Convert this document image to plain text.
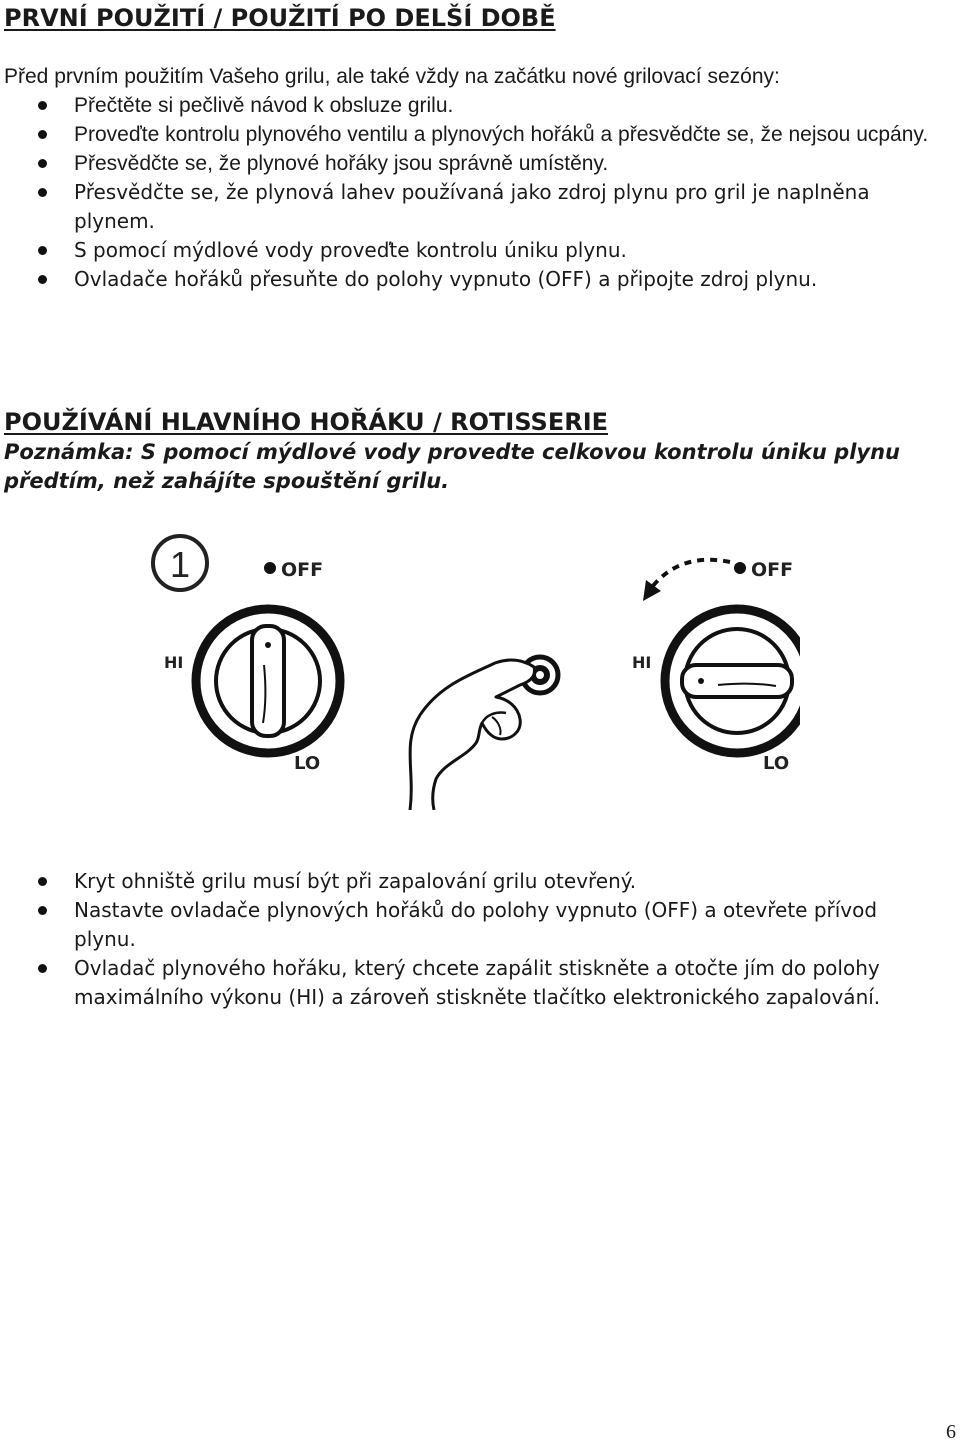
PRVNÍ POUŽITÍ / POUŽITÍ PO DELŠÍ DOBĚ

Před prvním použitím Vašeho grilu, ale také vždy na začátku nové grilovací sezóny:

Přečtěte si pečlivě návod k obsluze grilu.
Proveďte kontrolu plynového ventilu a plynových hořáků a přesvědčte se, že nejsou ucpány.
Přesvědčte se, že plynové hořáky jsou správně umístěny.
Přesvědčte se, že plynová lahev používaná jako zdroj plynu pro gril je naplněna plynem.
S pomocí mýdlové vody proveďte kontrolu úniku plynu.
Ovladače hořáků přesuňte do polohy vypnuto (OFF) a připojte zdroj plynu.
POUŽÍVÁNÍ HLAVNÍHO HOŘÁKU / ROTISSERIE

Poznámka: S pomocí mýdlové vody provedte celkovou kontrolu úniku plynu předtím, než zahájíte spouštění grilu.

1	OFF
HI
LO
OFF
HI
LO
Kryt ohniště grilu musí být při zapalování grilu otevřený.
Nastavte ovladače plynových hořáků do polohy vypnuto (OFF) a otevřete přívod plynu.
Ovladač plynového hořáku, který chcete zapálit stiskněte a otočte jím do polohy maximálního výkonu (HI) a zároveň stiskněte tlačítko elektronického zapalování.
6
